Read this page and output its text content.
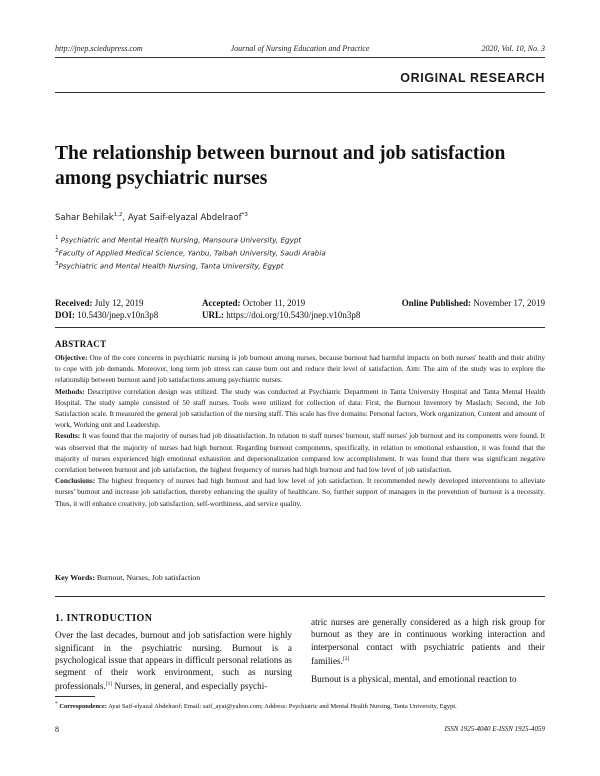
http://jnep.sciedupress.com	Journal of Nursing Education and Practice	2020, Vol. 10, No. 3
ORIGINAL RESEARCH
The relationship between burnout and job satisfaction among psychiatric nurses
Sahar Behilak$^{1,2}$, Ayat Saif-elyazal Abdelraof$^{*3}$
$^1$ Psychiatric and Mental Health Nursing, Mansoura University, Egypt
$^2$Faculty of Applied Medical Science, Yanbu, Taibah University, Saudi Arabia
$^3$Psychiatric and Mental Health Nursing, Tanta University, Egypt
Received: July 12, 2019	Accepted: October 11, 2019	Online Published: November 17, 2019
DOI: 10.5430/jnep.v10n3p8	URL: https://doi.org/10.5430/jnep.v10n3p8
ABSTRACT

Objective: One of the core concerns in psychiatric nursing is job burnout among nurses, because burnout had harmful impacts on both nurses' health and their ability to cope with job demands. Moreover, long term job stress can cause burn out and reduce their level of satisfaction. Aim: The aim of the study was to explore the relationship between burnout aand job satisfactions among psychiatric nurses.

Methods: Descriptive correlation design was utilized. The study was conducted at Psychiatric Department in Tanta University Hospital and Tanta Mental Health Hospital. The study sample consisted of 50 staff nurses. Tools were utilized for collection of data: First, the Burnout Inventory by Maslach; Second, the Job Satisfaction scale. It measured the general job satisfaction of the nursing staff. This scale has five domains: Personal factors, Work organization, Content and amount of work, Working unit and Leadership.

Results: It was found that the majority of nurses had job dissatisfaction. In relation to staff nurses' burnout, staff nurses' job burnout and its components were found. It was observed that the majority of nurses had high burnout. Regarding burnout components, specifically, in relation to emotional exhaustion, it was found that the majority of nurses experienced high emotional exhaustion and depersonalization compared low accomplishment. It was found that there was significant negative correlation between burnout and job satisfaction, the highest frequency of nurses had high burnout and had low level of job satisfaction.

Conclusions: The highest frequency of nurses had high burnout and had low level of job satisfaction. It recommended newly developed interventions to alleviate nurses' burnout and increase job satisfaction, thereby enhancing the quality of healthcare. So, further support of managers in the prevention of burnout is a necessity. Thus, it will enhance creativity, job satisfaction, self-worthiness, and service quality.

Key Words: Burnout, Nurses, Job satisfaction

1. INTRODUCTION

Over the last decades, burnout and job satisfaction were highly significant in the psychiatric nursing. Burnout is a psychological issue that appears in difficult personal relations as segment of their work environment, such as nursing professionals.[1] Nurses, in general, and especially psychi-

atric nurses are generally considered as a high risk group for burnout as they are in continuous working interaction and interpersonal contact with psychiatric patients and their families.[2]

Burnout is a physical, mental, and emotional reaction to

* Correspondence: Ayat Saif-elyazal Abdelraof; Email: saif_ayat@yahoo.com; Address: Psychiatric and Mental Health Nursing, Tanta University, Egypt.
8	ISSN 1925-4040 E-ISSN 1925-4059
